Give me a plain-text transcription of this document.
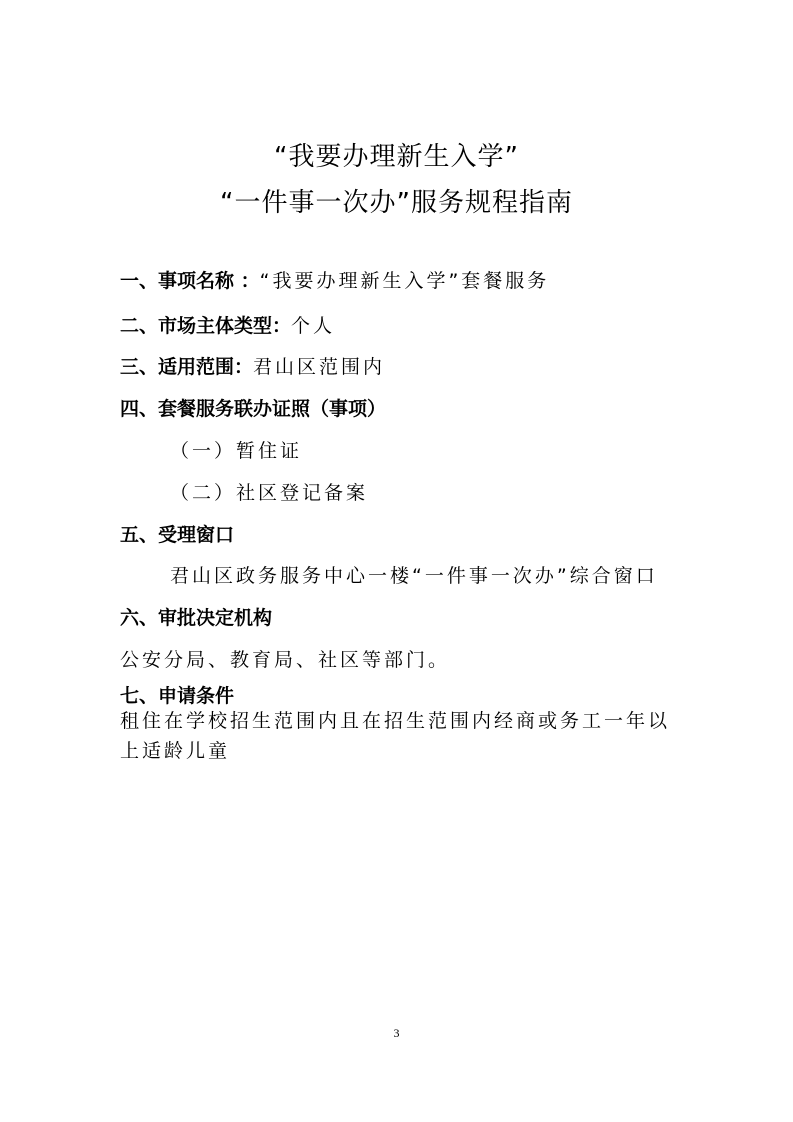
“我要办理新生入学”
“一件事一次办”服务规程指南
一、事项名称 ：“我要办理新生入学”套餐服务
二、市场主体类型：个人
三、适用范围：君山区范围内
四、套餐服务联办证照（事项）
（一）暂住证
（二）社区登记备案
五、受理窗口
君山区政务服务中心一楼“一件事一次办”综合窗口
六、审批决定机构
公安分局、教育局、社区等部门。
七、申请条件
租住在学校招生范围内且在招生范围内经商或务工一年以上适龄儿童
3
